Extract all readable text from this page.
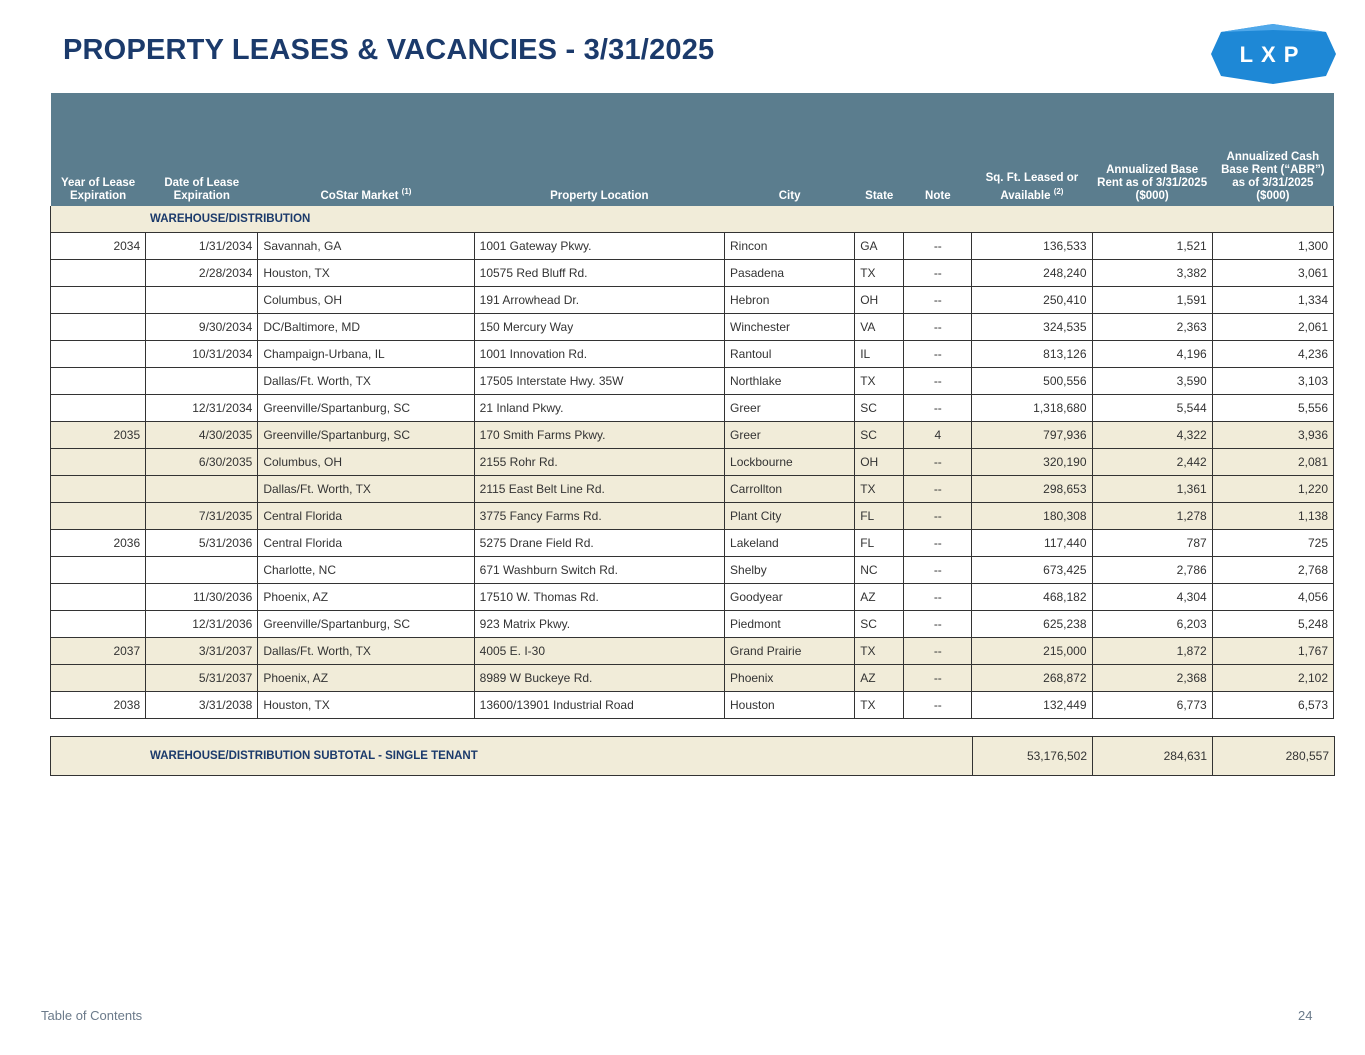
PROPERTY LEASES & VACANCIES - 3/31/2025	LXP
Year of Lease Expiration	Date of Lease Expiration	CoStar Market $^{(1)}$	Property Location	City	State	Note	Sq. Ft. Leased or Available $^{(2)}$	Annualized Base Rent as of 3/31/2025 ($000)	Annualized Cash Base Rent (“ABR”) as of 3/31/2025 ($000)
WAREHOUSE/DISTRIBUTION									
2034	1/31/2034	Savannah, GA	1001 Gateway Pkwy.	Rincon	GA	--	136,533	1,521	1,300
	2/28/2034	Houston, TX	10575 Red Bluff Rd.	Pasadena	TX	--	248,240	3,382	3,061
		Columbus, OH	191 Arrowhead Dr.	Hebron	OH	--	250,410	1,591	1,334
	9/30/2034	DC/Baltimore, MD	150 Mercury Way	Winchester	VA	--	324,535	2,363	2,061
	10/31/2034	Champaign-Urbana, IL	1001 Innovation Rd.	Rantoul	IL	--	813,126	4,196	4,236
		Dallas/Ft. Worth, TX	17505 Interstate Hwy. 35W	Northlake	TX	--	500,556	3,590	3,103
	12/31/2034	Greenville/Spartanburg, SC	21 Inland Pkwy.	Greer	SC	--	1,318,680	5,544	5,556
2035	4/30/2035	Greenville/Spartanburg, SC	170 Smith Farms Pkwy.	Greer	SC	4	797,936	4,322	3,936
	6/30/2035	Columbus, OH	2155 Rohr Rd.	Lockbourne	OH	--	320,190	2,442	2,081
		Dallas/Ft. Worth, TX	2115 East Belt Line Rd.	Carrollton	TX	--	298,653	1,361	1,220
	7/31/2035	Central Florida	3775 Fancy Farms Rd.	Plant City	FL	--	180,308	1,278	1,138
2036	5/31/2036	Central Florida	5275 Drane Field Rd.	Lakeland	FL	--	117,440	787	725
		Charlotte, NC	671 Washburn Switch Rd.	Shelby	NC	--	673,425	2,786	2,768
	11/30/2036	Phoenix, AZ	17510 W. Thomas Rd.	Goodyear	AZ	--	468,182	4,304	4,056
	12/31/2036	Greenville/Spartanburg, SC	923 Matrix Pkwy.	Piedmont	SC	--	625,238	6,203	5,248
2037	3/31/2037	Dallas/Ft. Worth, TX	4005 E. I-30	Grand Prairie	TX	--	215,000	1,872	1,767
	5/31/2037	Phoenix, AZ	8989 W Buckeye Rd.	Phoenix	AZ	--	268,872	2,368	2,102
2038	3/31/2038	Houston, TX	13600/13901 Industrial Road	Houston	TX	--	132,449	6,773	6,573
WAREHOUSE/DISTRIBUTION SUBTOTAL - SINGLE TENANT	53,176,502	284,631	280,557
Table of Contents	24
